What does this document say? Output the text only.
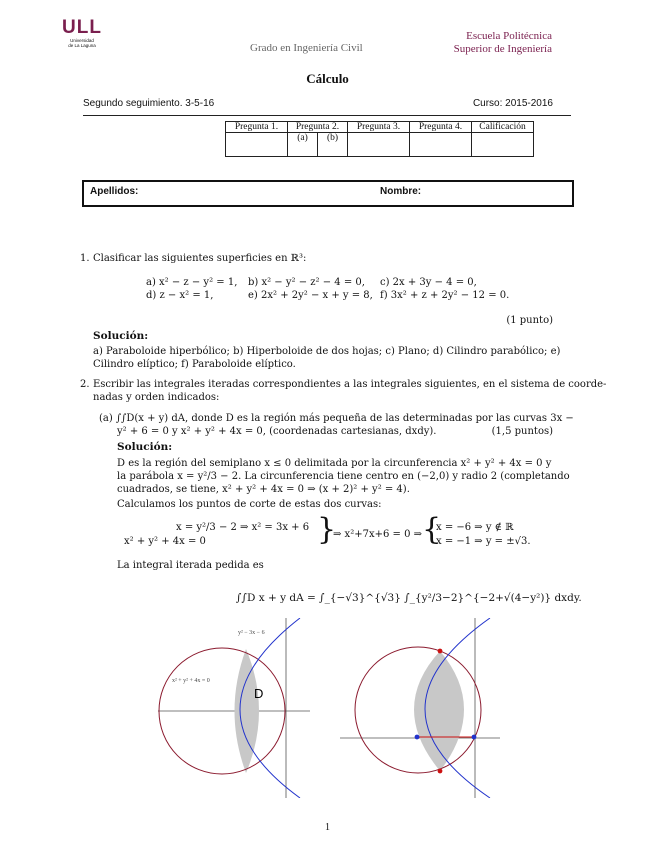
ULL
Universidad
de La Laguna	Grado en Ingeniería Civil
Escuela Politécnica
Superior de Ingeniería
Cálculo
Segundo seguimiento. 3-5-16	Curso: 2015-2016
Pregunta 1.	Pregunta 2.		Pregunta 3.	Pregunta 4.	Calificación
	(a)	(b)			
Apellidos:	Nombre:
1. Clasificar las siguientes superficies en ℝ³:
a) x² − z − y² = 1, b) x² − y² − z² − 4 = 0, c) 2x + 3y − 4 = 0,
d) z − x² = 1,	e) 2x² + 2y² − x + y = 8, f) 3x² + z + 2y² − 12 = 0.
(1 punto)
Solución:
a) Paraboloide hiperbólico; b) Hiperboloide de dos hojas; c) Plano; d) Cilindro parabólico; e)
Cilindro elíptico; f) Paraboloide elíptico.
2. Escribir las integrales iteradas correspondientes a las integrales siguientes, en el sistema de coorde-
nadas y orden indicados:
(a) ∫∫D(x + y) dA, donde D es la región más pequeña de las determinadas por las curvas 3x −
y² + 6 = 0 y x² + y² + 4x = 0, (coordenadas cartesianas, dxdy).	(1,5 puntos)
Solución:
D es la región del semiplano x ≤ 0 delimitada por la circunferencia x² + y² + 4x = 0 y
la parábola x = y²/3 − 2. La circunferencia tiene centro en (−2,0) y radio 2 (completando
cuadrados, se tiene, x² + y² + 4x = 0 ⇒ (x + 2)² + y² = 4).
Calculamos los puntos de corte de estas dos curvas:
x = y²/3 − 2 ⇒ x² = 3x + 6
x² + y² + 4x = 0	}
⇒ x²+7x+6 = 0 ⇒ {
x = −6 ⇒ y ∉ ℝ
x = −1 ⇒ y = ±√3.
La integral iterada pedida es
∫∫D x + y dA = ∫_{−√3}^{√3} ∫_{y²/3−2}^{−2+√(4−y²)} dxdy.
D
y² − 3x − 6
x² + y² + 4x = 0
1
